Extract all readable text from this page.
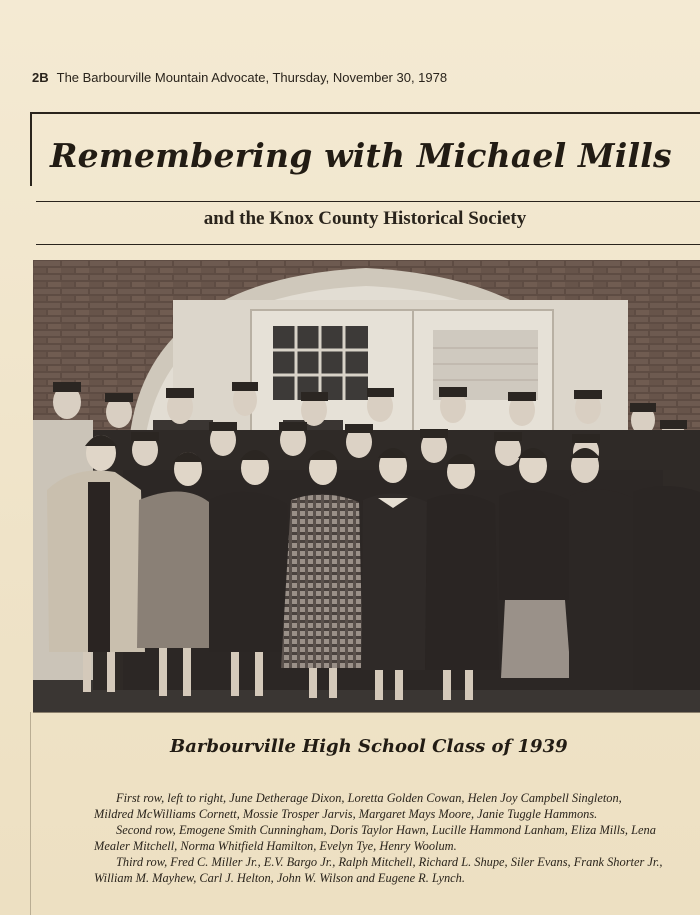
2B The Barbourville Mountain Advocate, Thursday, November 30, 1978
Remembering with Michael Mills
and the Knox County Historical Society
Barbourville High School Class of 1939

First row, left to right, June Detherage Dixon, Loretta Golden Cowan, Helen Joy Campbell Singleton, Mildred McWilliams Cornett, Mossie Trosper Jarvis, Margaret Mays Moore, Janie Tuggle Hammons.

Second row, Emogene Smith Cunningham, Doris Taylor Hawn, Lucille Hammond Lanham, Eliza Mills, Lena Mealer Mitchell, Norma Whitfield Hamilton, Evelyn Tye, Henry Woolum.

Third row, Fred C. Miller Jr., E.V. Bargo Jr., Ralph Mitchell, Richard L. Shupe, Siler Evans, Frank Shorter Jr., William M. Mayhew, Carl J. Helton, John W. Wilson and Eugene R. Lynch.
